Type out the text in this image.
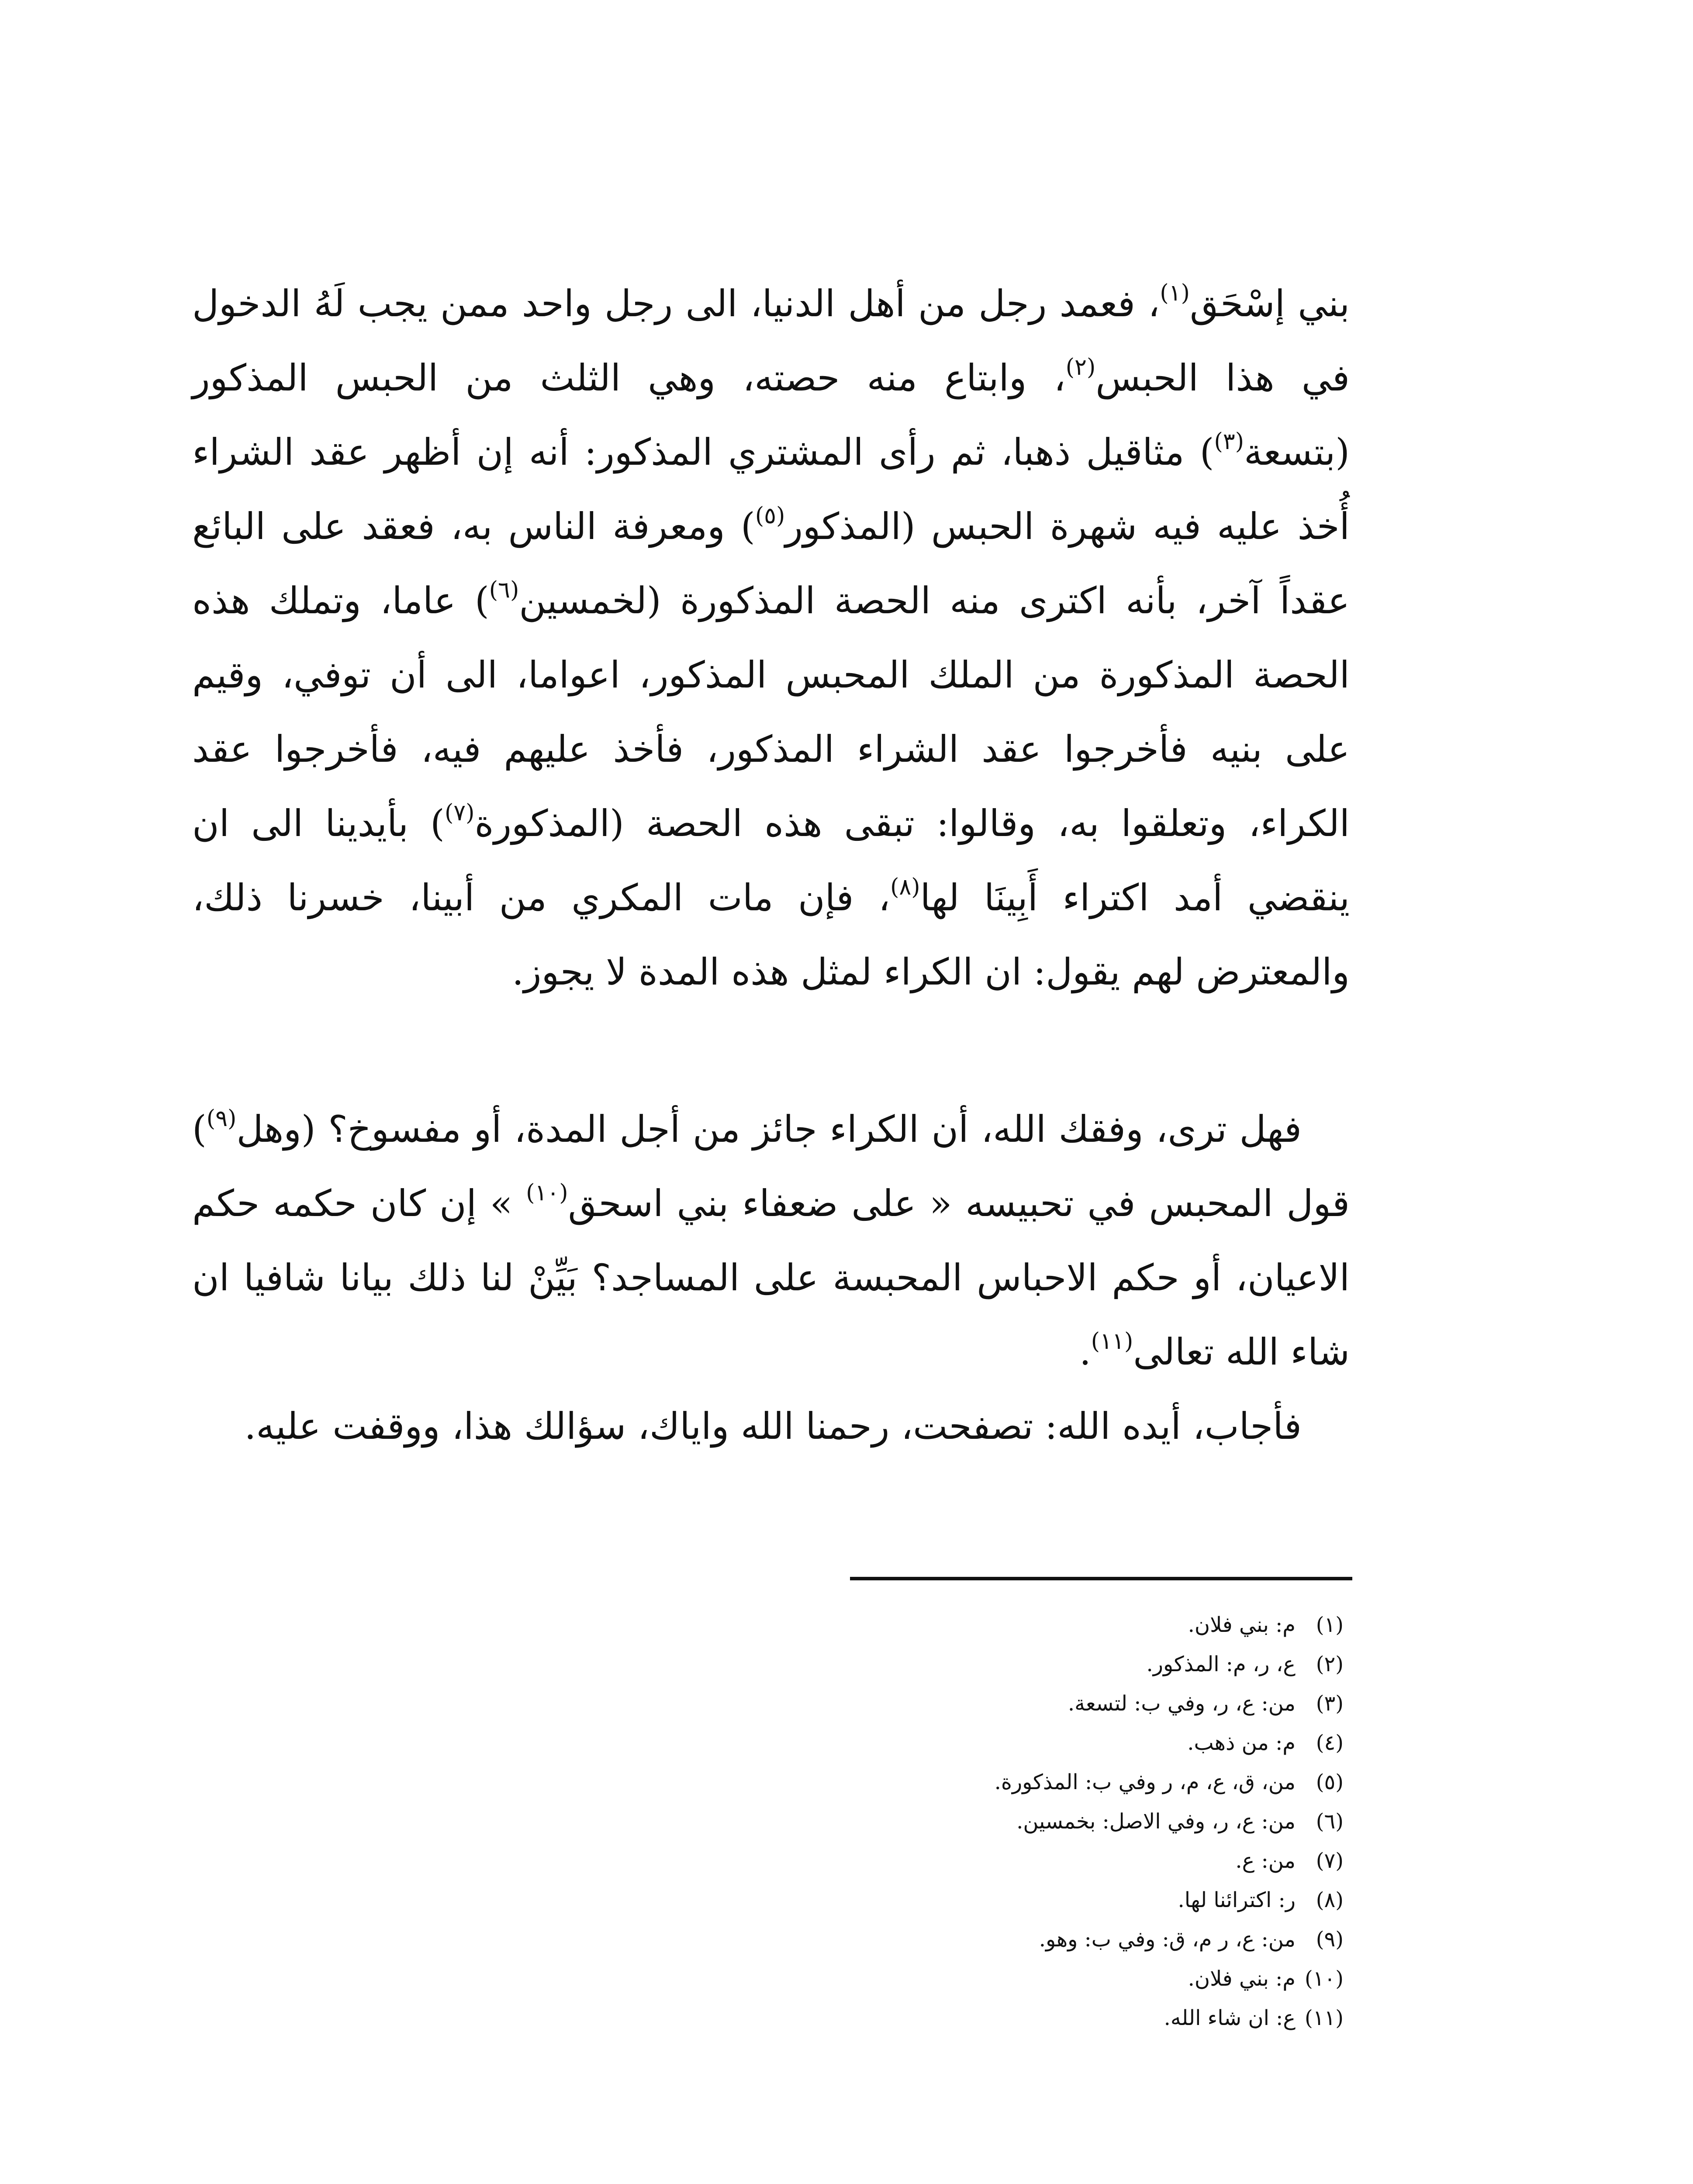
بني إسْحَق$^{(١)}$، فعمد رجل من أهل الدنيا، الى رجل واحد ممن يجب لَهُ الدخول في هذا الحبس$^{(٢)}$، وابتاع منه حصته، وهي الثلث من الحبس المذكور (بتسعة$^{(٣)}$) مثاقيل ذهبا، ثم رأى المشتري المذكور: أنه إن أظهر عقد الشراء أُخذ عليه فيه شهرة الحبس (المذكور$^{(٥)}$) ومعرفة الناس به، فعقد على البائع عقداً آخر، بأنه اكترى منه الحصة المذكورة (لخمسين$^{(٦)}$) عاما، وتملك هذه الحصة المذكورة من الملك المحبس المذكور، اعواما، الى أن توفي، وقيم على بنيه فأخرجوا عقد الشراء المذكور، فأخذ عليهم فيه، فأخرجوا عقد الكراء، وتعلقوا به، وقالوا: تبقى هذه الحصة (المذكورة$^{(٧)}$) بأيدينا الى ان ينقضي أمد اكتراء أَبِينَا لها$^{(٨)}$، فإن مات المكري من أبينا، خسرنا ذلك، والمعترض لهم يقول: ان الكراء لمثل هذه المدة لا يجوز.

فهل ترى، وفقك الله، أن الكراء جائز من أجل المدة، أو مفسوخ؟ (وهل$^{(٩)}$) قول المحبس في تحبيسه « على ضعفاء بني اسحق$^{(١٠)}$ » إن كان حكمه حكم الاعيان، أو حكم الاحباس المحبسة على المساجد؟ بَيِّنْ لنا ذلك بيانا شافيا ان شاء الله تعالى$^{(١١)}$.

فأجاب، أيده الله: تصفحت، رحمنا الله واياك، سؤالك هذا، ووقفت عليه.

(١)
م: بني فلان.
(٢)
ع، ر، م: المذكور.
(٣)
من: ع، ر، وفي ب: لتسعة.
(٤)
م: من ذهب.
(٥)
من، ق، ع، م، ر وفي ب: المذكورة.
(٦)
من: ع، ر، وفي الاصل: بخمسين.
(٧)
من: ع.
(٨)
ر: اكترائنا لها.
(٩)
من: ع، ر م، ق: وفي ب: وهو.
(١٠)
م: بني فلان.
(١١)
ع: ان شاء الله.
